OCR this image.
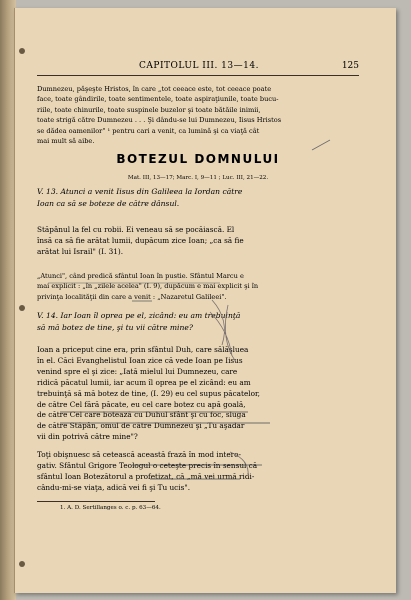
CAPITOLUL III. 13—14.	125
Dumnezeu, păşeşte Hristos, în care „tot ceeace este, tot ceeace poate
face, toate gândirile, toate sentimentele, toate aspiraţiunile, toate bucu-
riile, toate chinurile, toate suspinele buzelor şi toate bătăile inimii,
toate strigă către Dumnezeu . . . Şi dându-se lui Dumnezeu, Iisus Hristos
se dădea oamenilor" ¹ pentru cari a venit, ca lumină şi ca viaţă cât
mai mult să aibe.
BOTEZUL DOMNULUI
Mat. III, 13—17; Marc. I, 9—11 ; Luc. III, 21—22.
V. 13. Atunci a venit Iisus din Galileea la Iordan către
Ioan ca să se boteze de către dânsul.
Stăpânul la fel cu robii. Ei veneau să se pocăiască. El
însă ca să fie arătat lumii, dupăcum zice Ioan; „ca să fie
arătat lui Israil" (I. 31).
„Atunci", când predică sfântul Ioan în pustie. Sfântul Marcu e
mai explicit : „în „zilele acelea" (I. 9), dupăcum e mai explicit şi în
privinţa localităţii din care a venit : „Nazaretul Galileei".
V. 14. Iar Ioan îl oprea pe el, zicând: eu am trebuinţă
să mă botez de tine, şi tu vii către mine?
Ioan a priceput cine era, prin sfântul Duh, care sălăşluea
în el. Căci Evanghelistul Ioan zice că vede Ioan pe Iisus
venind spre el şi zice: „Iată mielul lui Dumnezeu, care
ridică păcatul lumii, iar acum îl oprea pe el zicând: eu am
trebuinţă să mă botez de tine, (I. 29) eu cel supus păcatelor,
de către Cel fără păcate, eu cel care botez cu apă goală,
de către Cel care botează cu Duhul sfânt şi cu foc, sluga
de către Stăpân, omul de către Dumnezeu şi „Tu aşadar
vii din potrivă către mine"?
Toţi obişnuesc să cetească această frază în mod intero-
gativ. Sfântul Grigore Teologul o ceteşte precis în sensul că
sfântul Ioan Botezătorul a profetizat, că „mă vei urmă ridi-
cându-mi-se viaţa, adică vei fi şi Tu ucis".
1. A. D. Sertillanges o. c. p. 63—64.
